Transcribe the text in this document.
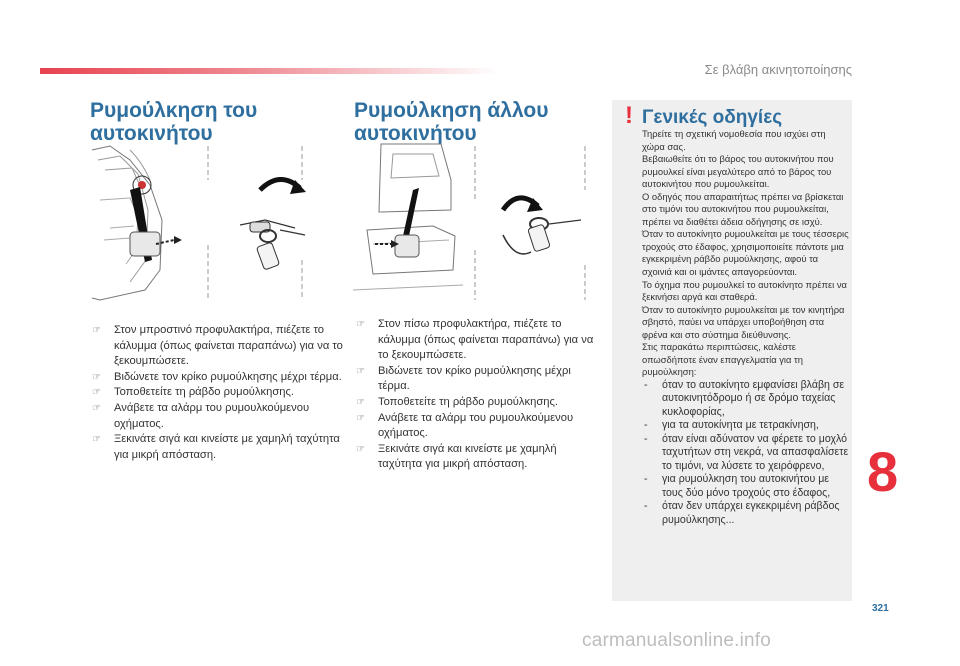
Σε βλάβη ακινητοποίησης
Ρυμούλκηση του αυτοκινήτου
Ρυμούλκηση άλλου αυτοκινήτου
☞ Στον μπροστινό προφυλακτήρα, πιέζετε το κάλυμμα (όπως φαίνεται παραπάνω) για να το ξεκουμπώσετε.
☞ Βιδώνετε τον κρίκο ρυμούλκησης μέχρι τέρμα.
☞ Τοποθετείτε τη ράβδο ρυμούλκησης.
☞ Ανάβετε τα αλάρμ του ρυμουλκούμενου οχήματος.
☞ Ξεκινάτε σιγά και κινείστε με χαμηλή ταχύτητα για μικρή απόσταση.
☞ Στον πίσω προφυλακτήρα, πιέζετε το κάλυμμα (όπως φαίνεται παραπάνω) για να το ξεκουμπώσετε.
☞ Βιδώνετε τον κρίκο ρυμούλκησης μέχρι τέρμα.
☞ Τοποθετείτε τη ράβδο ρυμούλκησης.
☞ Ανάβετε τα αλάρμ του ρυμουλκούμενου οχήματος.
☞ Ξεκινάτε σιγά και κινείστε με χαμηλή ταχύτητα για μικρή απόσταση.
! Γενικές οδηγίες

Τηρείτε τη σχετική νομοθεσία που ισχύει στη χώρα σας.

Βεβαιωθείτε ότι το βάρος του αυτοκινήτου που ρυμουλκεί είναι μεγαλύτερο από το βάρος του αυτοκινήτου που ρυμουλκείται.

Ο οδηγός που απαραιτήτως πρέπει να βρίσκεται στο τιμόνι του αυτοκινήτου που ρυμουλκείται, πρέπει να διαθέτει άδεια οδήγησης σε ισχύ.

Όταν το αυτοκίνητο ρυμουλκείται με τους τέσσερις τροχούς στο έδαφος, χρησιμοποιείτε πάντοτε μια εγκεκριμένη ράβδο ρυμούλκησης, αφού τα σχοινιά και οι ιμάντες απαγορεύονται.

Το όχημα που ρυμουλκεί το αυτοκίνητο πρέπει να ξεκινήσει αργά και σταθερά.

Όταν το αυτοκίνητο ρυμουλκείται με τον κινητήρα σβηστό, παύει να υπάρχει υποβοήθηση στα φρένα και στο σύστημα διεύθυνσης.

Στις παρακάτω περιπτώσεις, καλέστε οπωσδήποτε έναν επαγγελματία για τη ρυμούλκηση:

- όταν το αυτοκίνητο εμφανίσει βλάβη σε αυτοκινητόδρομο ή σε δρόμο ταχείας κυκλοφορίας,
- για τα αυτοκίνητα με τετρακίνηση,
- όταν είναι αδύνατον να φέρετε το μοχλό ταχυτήτων στη νεκρά, να απασφαλίσετε το τιμόνι, να λύσετε το χειρόφρενο,
- για ρυμούλκηση του αυτοκινήτου με τους δύο μόνο τροχούς στο έδαφος,
- όταν δεν υπάρχει εγκεκριμένη ράβδος ρυμούλκησης...
8
321
carmanualsonline.info
